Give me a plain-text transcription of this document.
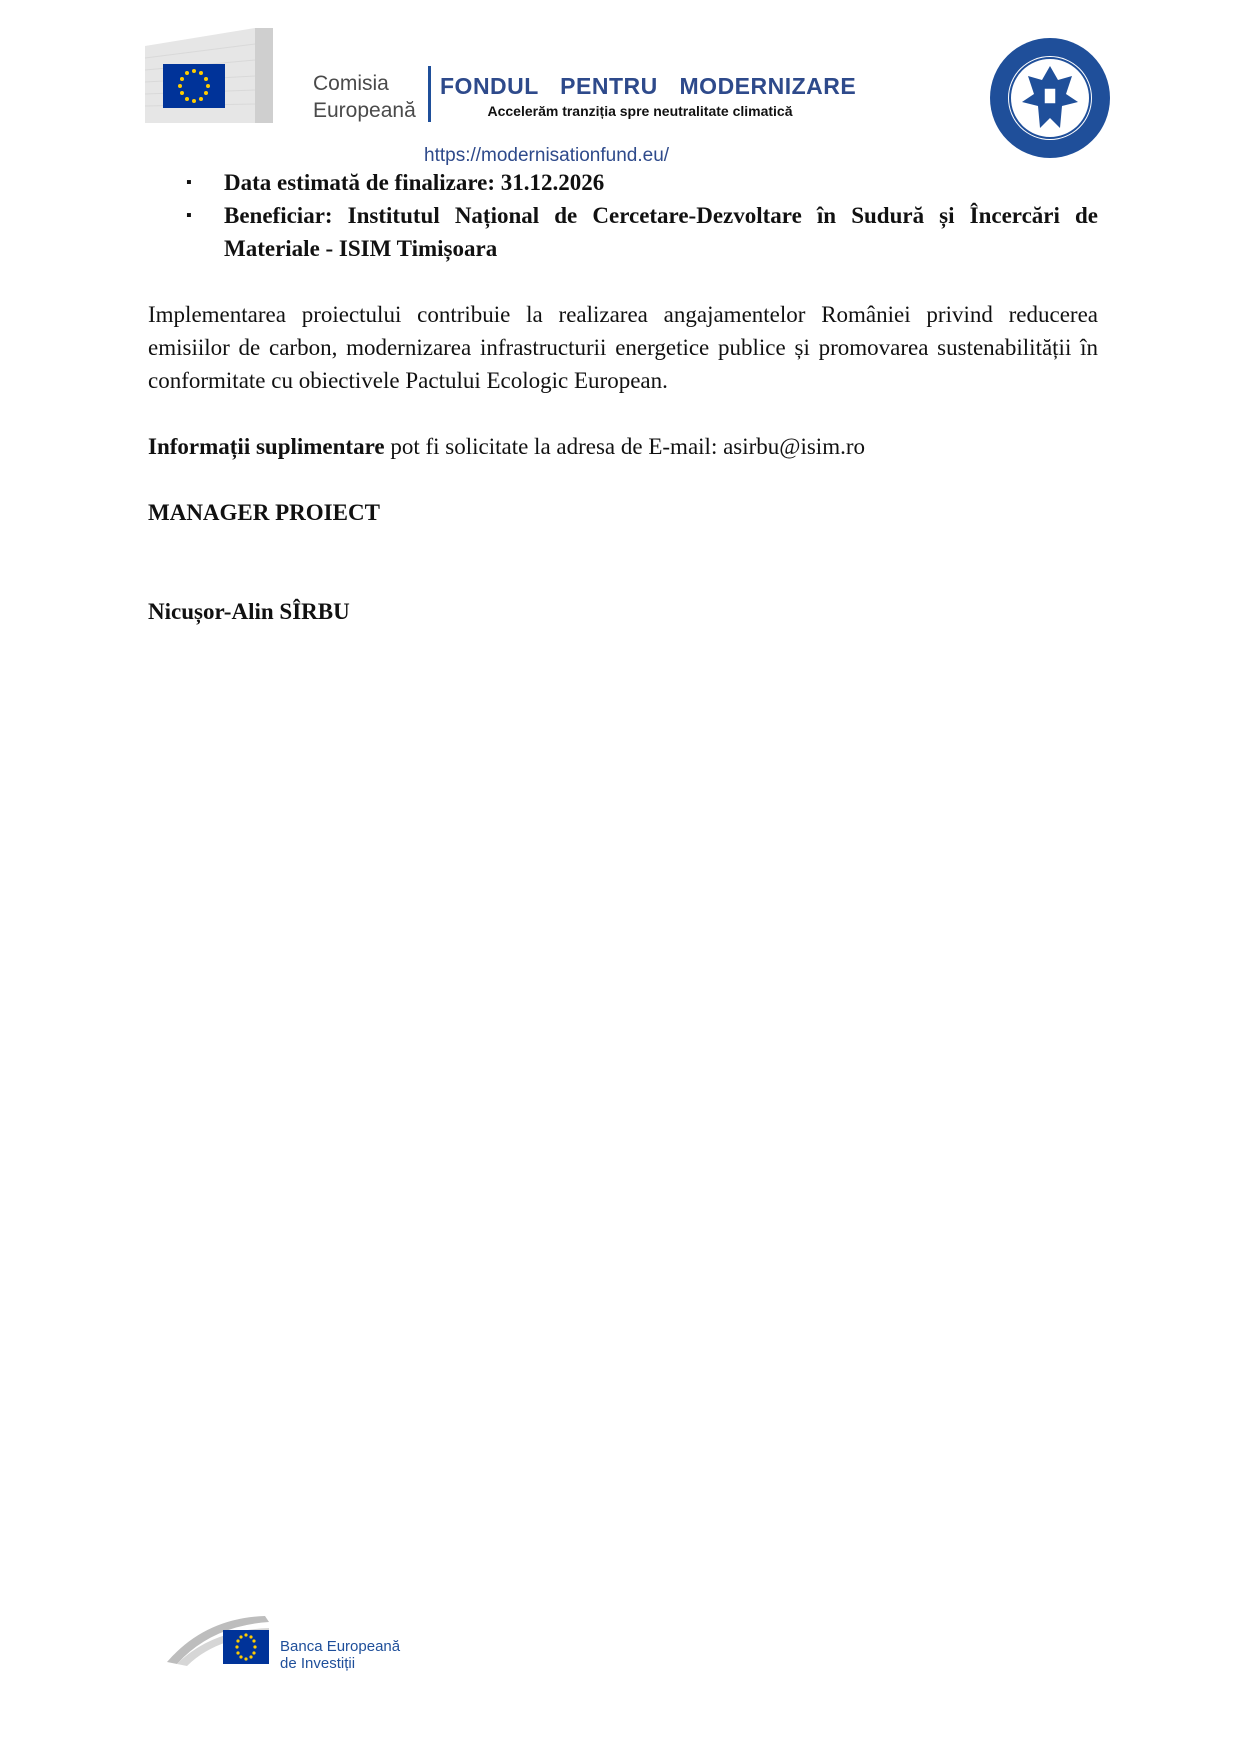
Comisia
Europeană
FONDUL  PENTRU  MODERNIZARE
Accelerăm tranziția spre neutralitate climatică
https://modernisationfund.eu/
▪ Data estimată de finalizare: 31.12.2026
▪ Beneficiar: Institutul Național de Cercetare-Dezvoltare în Sudură și Încercări de Materiale - ISIM Timișoara

Implementarea proiectului contribuie la realizarea angajamentelor României privind reducerea emisiilor de carbon, modernizarea infrastructurii energetice publice și promovarea sustenabilității în conformitate cu obiectivele Pactului Ecologic European.

Informații suplimentare pot fi solicitate la adresa de E-mail: asirbu@isim.ro

MANAGER PROIECT

Nicușor-Alin SÎRBU

Banca Europeană
de Investiții
